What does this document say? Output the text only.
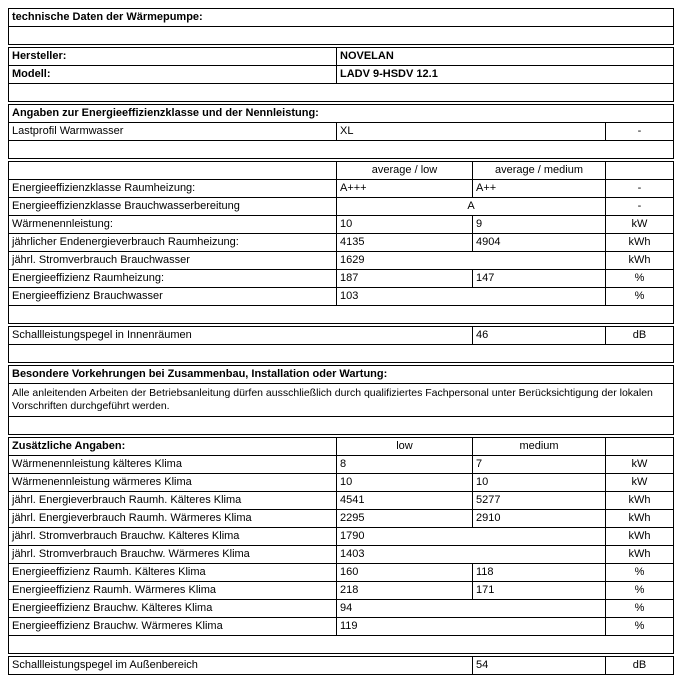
technische Daten der Wärmepumpe:

Hersteller:	NOVELAN
Modell:	LADV 9-HSDV 12.1

Angaben zur Energieeffizienzklasse und der Nennleistung:
Lastprofil Warmwasser	XL	-

	average / low	average / medium	
Energieeffizienzklasse Raumheizung:	A+++	A++	-
Energieeffizienzklasse Brauchwasserbereitung	A		-
Wärmenennleistung:	10	9	kW
jährlicher Endenergieverbrauch Raumheizung:	4135	4904	kWh
jährl. Stromverbrauch Brauchwasser	1629		kWh
Energieeffizienz Raumheizung:	187	147	%
Energieeffizienz Brauchwasser	103		%

Schallleistungspegel in Innenräumen	46	dB

Besondere Vorkehrungen bei Zusammenbau, Installation oder Wartung:
Alle anleitenden Arbeiten der Betriebsanleitung dürfen ausschließlich durch qualifiziertes Fachpersonal unter Berücksichtigung der lokalen Vorschriften durchgeführt werden.

Zusätzliche Angaben:	low	medium	
Wärmenennleistung kälteres Klima	8	7	kW
Wärmenennleistung wärmeres Klima	10	10	kW
jährl. Energieverbrauch Raumh. Kälteres Klima	4541	5277	kWh
jährl. Energieverbrauch Raumh. Wärmeres Klima	2295	2910	kWh
jährl. Stromverbrauch Brauchw. Kälteres Klima	1790		kWh
jährl. Stromverbrauch Brauchw. Wärmeres Klima	1403		kWh
Energieeffizienz Raumh. Kälteres Klima	160	118	%
Energieeffizienz Raumh. Wärmeres Klima	218	171	%
Energieeffizienz Brauchw. Kälteres Klima	94		%
Energieeffizienz Brauchw. Wärmeres Klima	119		%

Schallleistungspegel im Außenbereich	54	dB
